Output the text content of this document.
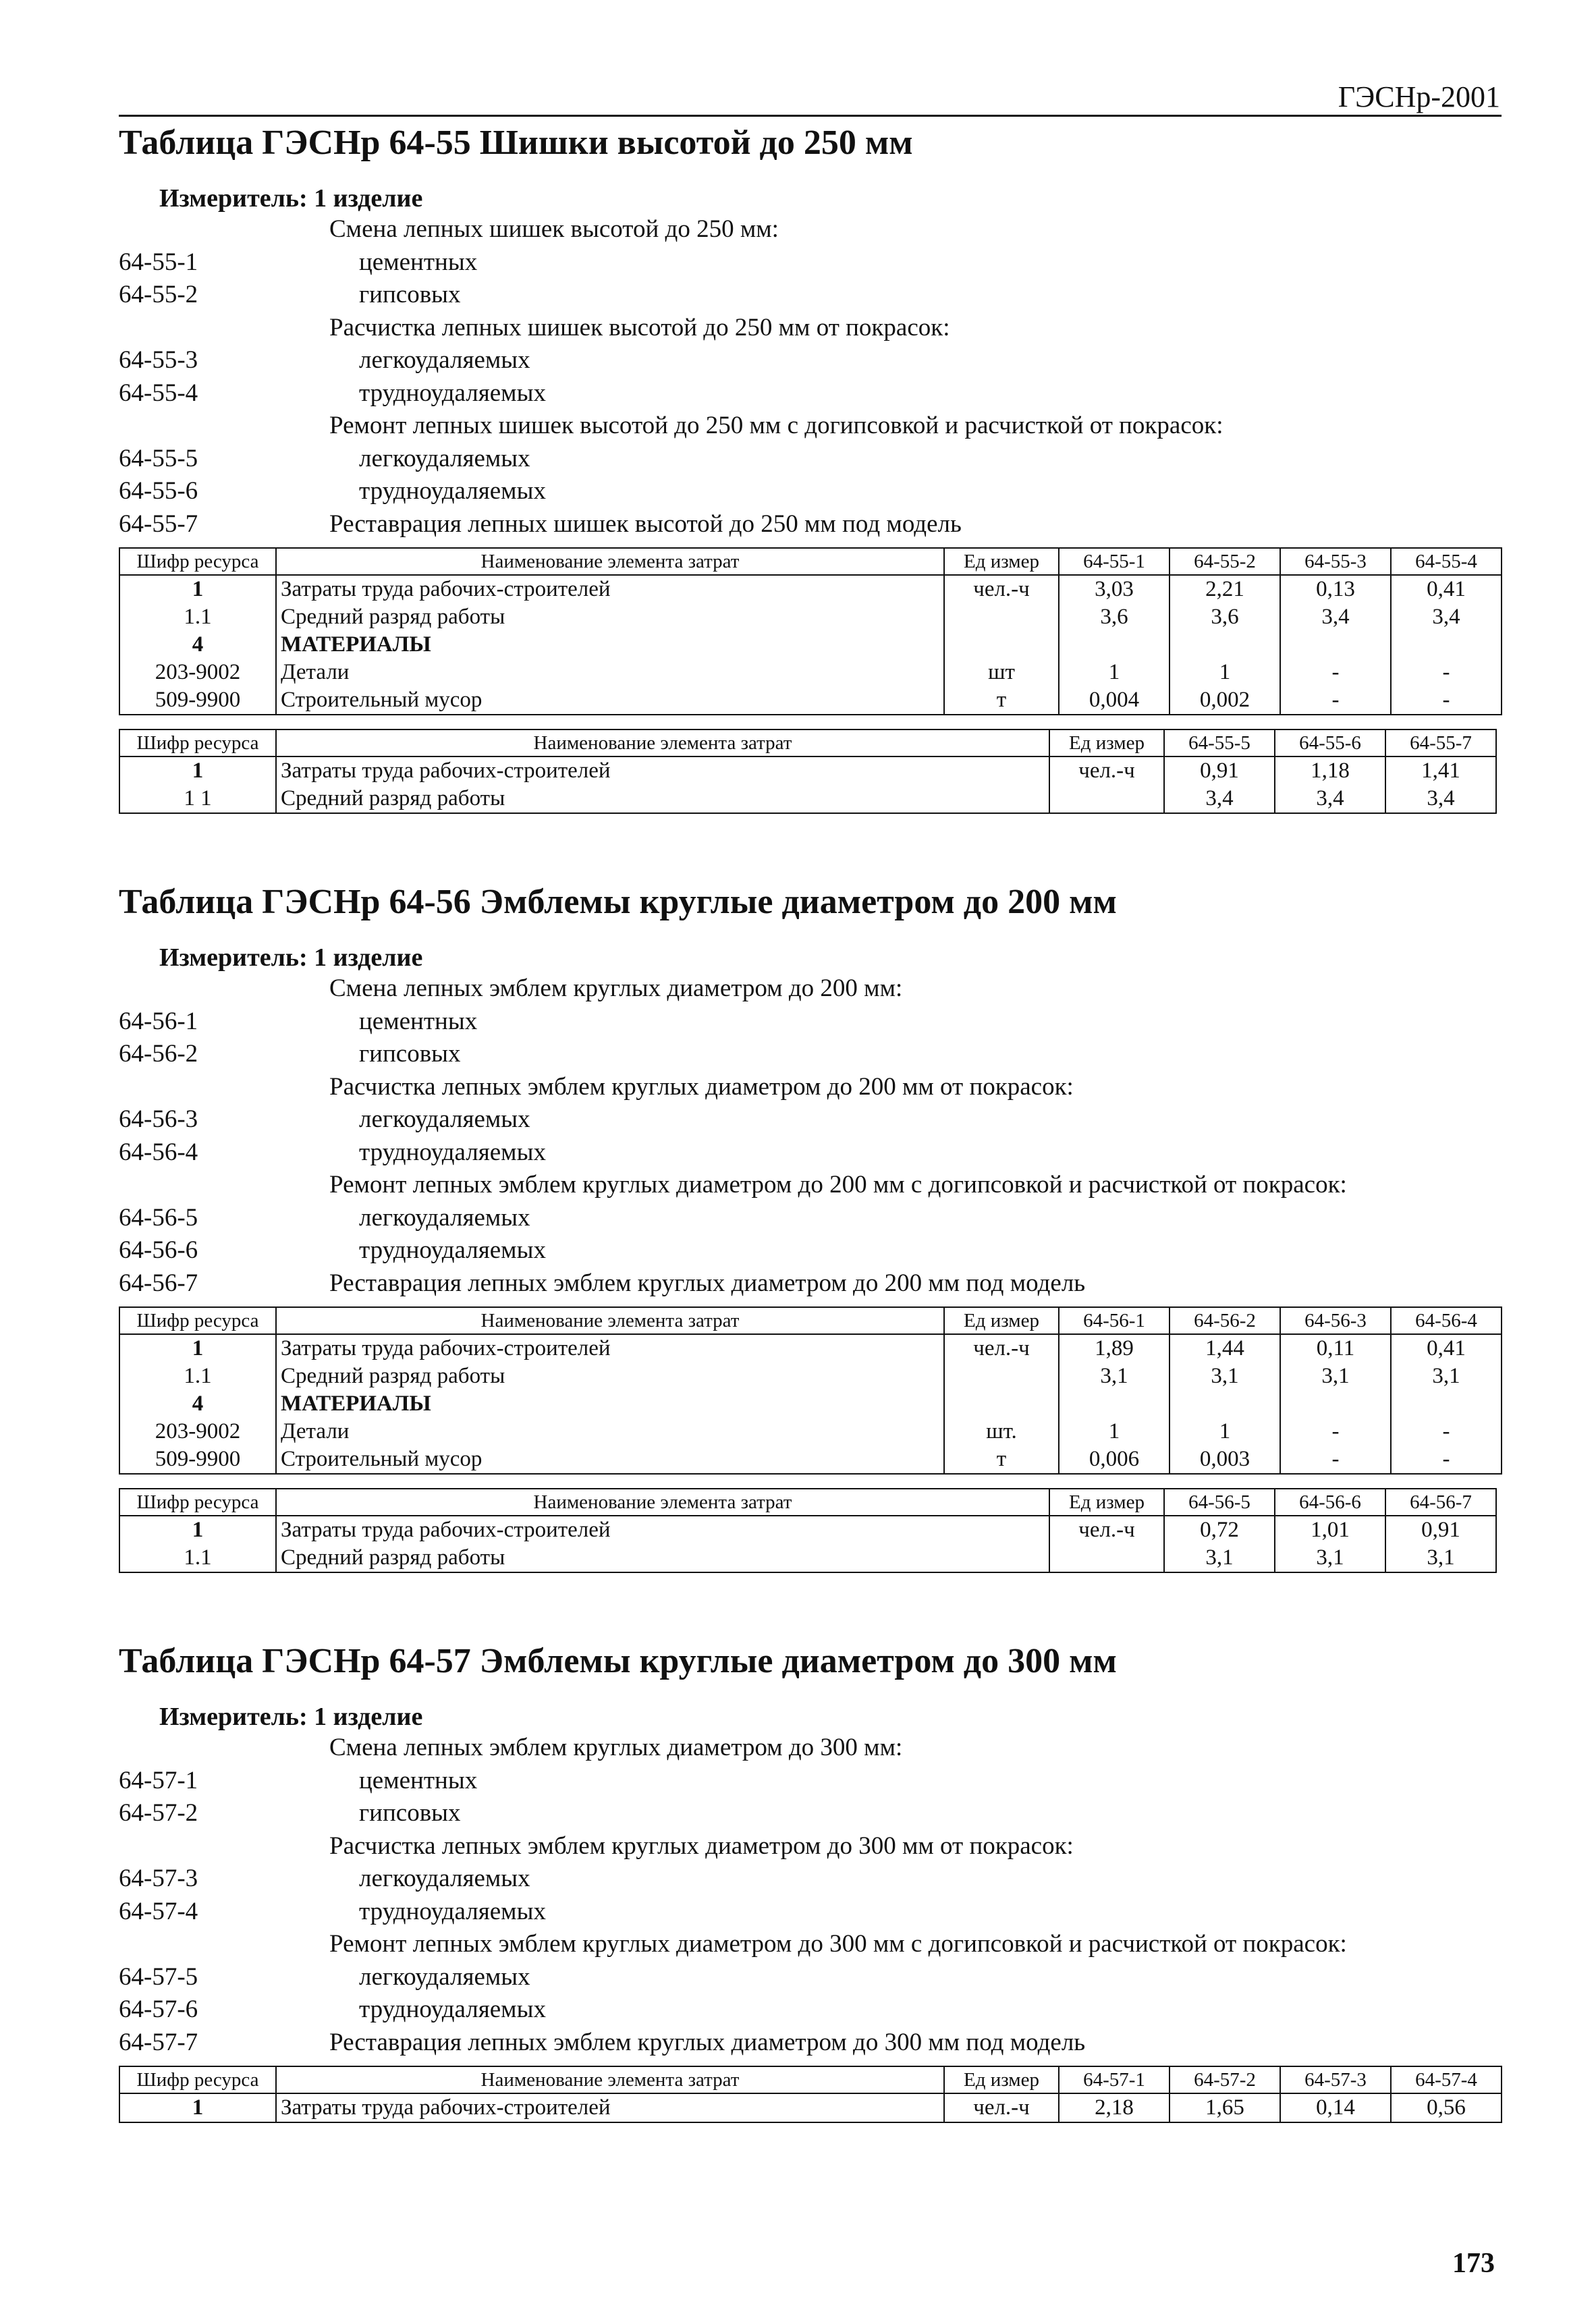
ГЭСНр-2001
Таблица ГЭСНр 64-55 Шишки высотой до 250 мм
Измеритель: 1 изделие
Смена лепных шишек высотой до 250 мм:
64-55-1	цементных
64-55-2	гипсовых
Расчистка лепных шишек высотой до 250 мм от покрасок:
64-55-3	легкоудаляемых
64-55-4	трудноудаляемых
Ремонт лепных шишек высотой до 250 мм с догипсовкой и расчисткой от покрасок:
64-55-5	легкоудаляемых
64-55-6	трудноудаляемых
64-55-7	Реставрация лепных шишек высотой до 250 мм под модель
Шифр ресурса	Наименование элемента затрат	Ед измер	64-55-1	64-55-2	64-55-3	64-55-4
1	Затраты труда рабочих-строителей	чел.-ч	3,03	2,21	0,13	0,41
1.1	Средний разряд работы		3,6	3,6	3,4	3,4
4	МАТЕРИАЛЫ					
203-9002	Детали	шт	1	1	-	-
509-9900	Строительный мусор	т	0,004	0,002	-	-
Шифр ресурса	Наименование элемента затрат	Ед измер	64-55-5	64-55-6	64-55-7
1	Затраты труда рабочих-строителей	чел.-ч	0,91	1,18	1,41
1 1	Средний разряд работы		3,4	3,4	3,4
Таблица ГЭСНр 64-56 Эмблемы круглые диаметром до 200 мм
Измеритель: 1 изделие
Смена лепных эмблем круглых диаметром до 200 мм:
64-56-1	цементных
64-56-2	гипсовых
Расчистка лепных эмблем круглых диаметром до 200 мм от покрасок:
64-56-3	легкоудаляемых
64-56-4	трудноудаляемых
Ремонт лепных эмблем круглых диаметром до 200 мм с догипсовкой и расчисткой от покрасок:
64-56-5	легкоудаляемых
64-56-6	трудноудаляемых
64-56-7	Реставрация лепных эмблем круглых диаметром до 200 мм под модель
Шифр ресурса	Наименование элемента затрат	Ед измер	64-56-1	64-56-2	64-56-3	64-56-4
1	Затраты труда рабочих-строителей	чел.-ч	1,89	1,44	0,11	0,41
1.1	Средний разряд работы		3,1	3,1	3,1	3,1
4	МАТЕРИАЛЫ					
203-9002	Детали	шт.	1	1	-	-
509-9900	Строительный мусор	т	0,006	0,003	-	-
Шифр ресурса	Наименование элемента затрат	Ед измер	64-56-5	64-56-6	64-56-7
1	Затраты труда рабочих-строителей	чел.-ч	0,72	1,01	0,91
1.1	Средний разряд работы		3,1	3,1	3,1
Таблица ГЭСНр 64-57 Эмблемы круглые диаметром до 300 мм
Измеритель: 1 изделие
Смена лепных эмблем круглых диаметром до 300 мм:
64-57-1	цементных
64-57-2	гипсовых
Расчистка лепных эмблем круглых диаметром до 300 мм от покрасок:
64-57-3	легкоудаляемых
64-57-4	трудноудаляемых
Ремонт лепных эмблем круглых диаметром до 300 мм с догипсовкой и расчисткой от покрасок:
64-57-5	легкоудаляемых
64-57-6	трудноудаляемых
64-57-7	Реставрация лепных эмблем круглых диаметром до 300 мм под модель
Шифр ресурса	Наименование элемента затрат	Ед измер	64-57-1	64-57-2	64-57-3	64-57-4
1	Затраты труда рабочих-строителей	чел.-ч	2,18	1,65	0,14	0,56
173
